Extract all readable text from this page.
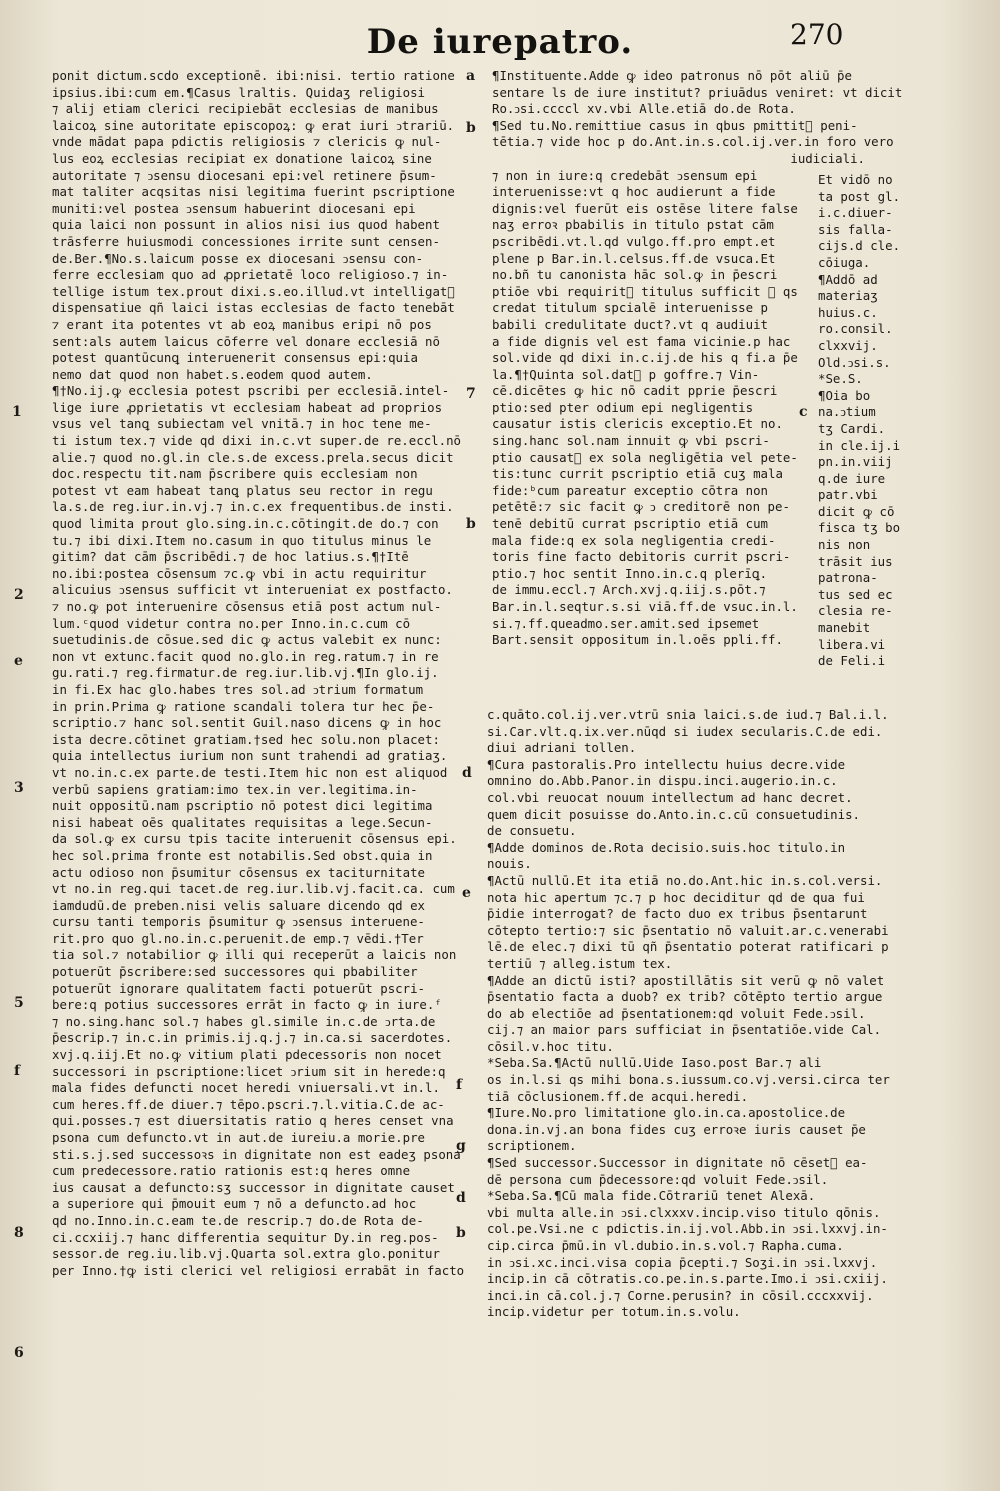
De iurepatro.	270
ponit dictum.scdo exceptionē. ibi:nisi. tertio ratione
ipsius.ibi:cum em.¶Casus lraltis. Quidaʒ religiosi
⁊ alij etiam clerici recipiebāt ecclesias de manibus
laicoꝝ sine autoritate episcopoꝝ: ꝙ erat iuri ↄtrariū.
vnde mādat papa pdictis religiosis ⁊ clericis ꝙ nul-
lus eoꝝ ecclesias recipiat ex donatione laicoꝝ sine
autoritate ⁊ ↄsensu diocesani epi:vel retinere p̄sum-
mat taliter acqsitas nisi legitima fuerint pscriptione
muniti:vel postea ↄsensum habuerint diocesani epi
quia laici non possunt in alios nisi ius quod habent
trāsferre huiusmodi concessiones irrite sunt censen-
de.Ber.¶No.s.laicum posse ex diocesani ↄsensu con-
ferre ecclesiam quo ad ꝓprietatē loco religioso.⁊ in-
tellige istum tex.prout dixi.s.eo.illud.vt intelligatᷣ
dispensatiue qñ laici istas ecclesias de facto tenebāt
⁊ erant ita potentes vt ab eoꝝ manibus eripi nō pos
sent:als autem laicus cōferre vel donare ecclesiā nō
potest quantūcunꝗ interuenerit consensus epi:quia
nemo dat quod non habet.s.eodem quod autem.
¶†No.ij.ꝙ ecclesia potest pscribi per ecclesiā.intel-
lige iure ꝓprietatis vt ecclesiam habeat ad proprios
vsus vel tanꝗ subiectam vel vnitā.⁊ in hoc tene me-
ti istum tex.⁊ vide qd dixi in.c.vt super.de re.eccl.nō
alie.⁊ quod no.gl.in cle.s.de excess.prela.secus dicit
doc.respectu tit.nam p̄scribere quis ecclesiam non
potest vt eam habeat tanꝗ platus seu rector in regu
la.s.de reg.iur.in.vj.⁊ in.c.ex frequentibus.de insti.
quod limita prout glo.sing.in.c.cōtingit.de do.⁊ con
tu.⁊ ibi dixi.Item no.casum in quo titulus minus le
gitim? dat cām p̄scribēdi.⁊ de hoc latius.s.¶†Itē
no.ibi:postea cōsensum ⁊c.ꝙ vbi in actu requiritur
alicuius ↄsensus sufficit vt interueniat ex postfacto.
⁊ no.ꝙ pot interuenire cōsensus etiā post actum nul-
lum.ᶜquod videtur contra no.per Inno.in.c.cum cō
suetudinis.de cōsue.sed dic ꝙ actus valebit ex nunc:
non vt extunc.facit quod no.glo.in reg.ratum.⁊ in re
gu.rati.⁊ reg.firmatur.de reg.iur.lib.vj.¶In glo.ij.
in fi.Ex hac glo.habes tres sol.ad ↄtrium formatum
in prin.Prima ꝙ ratione scandali tolera tur hec p̄e-
scriptio.⁊ hanc sol.sentit Guil.naso dicens ꝙ in hoc
ista decre.cōtinet gratiam.†sed hec solu.non placet:
quia intellectus iurium non sunt trahendi ad gratiaʒ.
vt no.in.c.ex parte.de testi.Item hic non est aliquod
verbū sapiens gratiam:imo tex.in ver.legitima.in-
nuit oppositū.nam pscriptio nō potest dici legitima
nisi habeat oēs qualitates requisitas a lege.Secun-
da sol.ꝙ ex cursu tpis tacite interuenit cōsensus epi.
hec sol.prima fronte est notabilis.Sed obst.quia in
actu odioso non p̄sumitur cōsensus ex taciturnitate
vt no.in reg.qui tacet.de reg.iur.lib.vj.facit.ca. cum
iamdudū.de preben.nisi velis saluare dicendo qd ex
cursu tanti temporis p̄sumitur ꝙ ↄsensus interuene-
rit.pro quo gl.no.in.c.peruenit.de emp.⁊ vēdi.†Ter
tia sol.⁊ notabilior ꝙ illi qui receperūt a laicis non
potuerūt p̄scribere:sed successores qui pbabiliter
potuerūt ignorare qualitatem facti potuerūt pscri-
bere:q potius successores errāt in facto ꝙ in iure.ᶠ
⁊ no.sing.hanc sol.⁊ habes gl.simile in.c.de ↄrta.de
p̄escrip.⁊ in.c.in primis.ij.q.j.⁊ in.ca.si sacerdotes.
xvj.q.iij.Et no.ꝙ vitium plati pdecessoris non nocet
successori in pscriptione:licet ↄrium sit in herede:q
mala fides defuncti nocet heredi vniuersali.vt in.l.
cum heres.ff.de diuer.⁊ tēpo.pscri.⁊.l.vitia.C.de ac-
qui.posses.⁊ est diuersitatis ratio q heres censet vna
psona cum defuncto.vt in aut.de iureiu.a morie.pre
sti.s.j.sed successoꝛs in dignitate non est eadeʒ psona
cum predecessore.ratio rationis est:q heres omne
ius causat a defuncto:sʒ successor in dignitate causet
a superiore qui p̄mouit eum ⁊ nō a defuncto.ad hoc
qd no.Inno.in.c.eam te.de rescrip.⁊ do.de Rota de-
ci.ccxiij.⁊ hanc differentia sequitur Dy.in reg.pos-
sessor.de reg.iu.lib.vj.Quarta sol.extra glo.ponitur
per Inno.†ꝙ isti clerici vel religiosi errabāt in facto
¶Instituente.Adde ꝙ ideo patronus nō pōt aliū p̄e
sentare ls de iure institut? priuādus veniret: vt dicit
Ro.ↄsi.ccccl xv.vbi Alle.etiā do.de Rota.
¶Sed tu.No.remittiue casus in qbus pmittitᷣ peni-
tētia.⁊ vide hoc p do.Ant.in.s.col.ij.ver.in foro vero
iudiciali.
⁊ non in iure:q credebāt ↄsensum epi
interuenisse:vt q hoc audierunt a fide
dignis:vel fuerūt eis ostēse litere false
naʒ erroꝛ pbabilis in titulo pstat cām
pscribēdi.vt.l.qd vulgo.ff.pro empt.et
plene p Bar.in.l.celsus.ff.de vsuca.Et
no.bñ tu canonista hāc sol.ꝙ in p̄escri
ptiōe vbi requiritᷣ titulus sufficit ꝙ qs
credat titulum spcialē interuenisse p
babili credulitate duct?.vt q audiuit
a fide dignis vel est fama vicinie.p hac
sol.vide qd dixi in.c.ij.de his q fi.a p̄e
la.¶†Quinta sol.datᷣ p goffre.⁊ Vin-
cē.dicētes ꝙ hic nō cadit pprie p̄escri
ptio:sed pter odium epi negligentis
causatur istis clericis exceptio.Et no.
sing.hanc sol.nam innuit ꝙ vbi pscri-
ptio causatᷣ ex sola negligētia vel pete-
tis:tunc currit pscriptio etiā cuʒ mala
fide:ᵇcum pareatur exceptio cōtra non
petētē:⁊ sic facit ꝙ ↄ creditorē non pe-
tenē debitū currat pscriptio etiā cum
mala fide:q ex sola negligentia credi-
toris fine facto debitoris currit pscri-
ptio.⁊ hoc sentit Inno.in.c.q plerīꝗ.
de immu.eccl.⁊ Arch.xvj.q.iij.s.pōt.⁊
Bar.in.l.seqtur.s.si viā.ff.de vsuc.in.l.
si.⁊.ff.queadmo.ser.amit.sed ipsemet
Bart.sensit oppositum in.l.oēs ppli.ff.
Et vidō no
ta post gl.
i.c.diuer-
sis falla-
cijs.d cle.
cōiuga.
¶Addō ad
materiaʒ
huius.c.
ro.consil.
clxxvij.
Old.ↄsi.s.
*Se.S.
¶Oia bo
na.ↄtium
tʒ Cardi.
in cle.ij.i
pn.in.viij
q.de iure
patr.vbi
dicit ꝙ cō
fisca tʒ bo
nis non
trāsit ius
patrona-
tus sed ec
clesia re-
manebit
libera.vi
de Feli.i
c.quāto.col.ij.ver.vtrū snia laici.s.de iud.⁊ Bal.i.l.
si.Car.vlt.q.ix.ver.nūqd si iudex secularis.C.de edi.
diui adriani tollen.
¶Cura pastoralis.Pro intellectu huius decre.vide
omnino do.Abb.Panor.in dispu.inci.augerio.in.c.
col.vbi reuocat nouum intellectum ad hanc decret.
quem dicit posuisse do.Anto.in.c.cū consuetudinis.
de consuetu.
¶Adde dominos de.Rota decisio.suis.hoc titulo.in
nouis.
¶Actū nullū.Et ita etiā no.do.Ant.hic in.s.col.versi.
nota hic apertum ⁊c.⁊ p hoc deciditur qd de qua fui
p̄idie interrogat? de facto duo ex tribus p̄sentarunt
cōtepto tertio:⁊ sic p̄sentatio nō valuit.ar.c.venerabi
lē.de elec.⁊ dixi tū qñ p̄sentatio poterat ratificari p
tertiū ⁊ alleg.istum tex.
¶Adde an dictū isti? apostillātis sit verū ꝙ nō valet
p̄sentatio facta a duob? ex trib? cōtēpto tertio argue
do ab electiōe ad p̄sentationem:qd voluit Fede.ↄsil.
cij.⁊ an maior pars sufficiat in p̄sentatiōe.vide Cal.
cōsil.v.hoc titu.
*Seba.Sa.¶Actū nullū.Uide Iaso.post Bar.⁊ ali
os in.l.si qs mihi bona.s.iussum.co.vj.versi.circa ter
tiā cōclusionem.ff.de acqui.heredi.
¶Iure.No.pro limitatione glo.in.ca.apostolice.de
dona.in.vj.an bona fides cuʒ erroꝛe iuris causet p̄e
scriptionem.
¶Sed successor.Successor in dignitate nō cēsetᷣ ea-
dē persona cum p̄decessore:qd voluit Fede.ↄsil.
*Seba.Sa.¶Cū mala fide.Cōtrariū tenet Alexā.
vbi multa alle.in ↄsi.clxxxv.incip.viso titulo qōnis.
col.pe.Vsi.ne c pdictis.in.ij.vol.Abb.in ↄsi.lxxvj.in-
cip.circa p̄mū.in vl.dubio.in.s.vol.⁊ Rapha.cuma.
in ↄsi.xc.inci.visa copia p̄cepti.⁊ Soʒi.in ↄsi.lxxvj.
incip.in cā cōtratis.co.pe.in.s.parte.Imo.i ↄsi.cxiij.
inci.in cā.col.j.⁊ Corne.perusin? in cōsil.cccxxvij.
incip.videtur per totum.in.s.volu.
a
b
7
1	c
b
2
e
d
3
e
5
f
f
g
8
6
d
b
